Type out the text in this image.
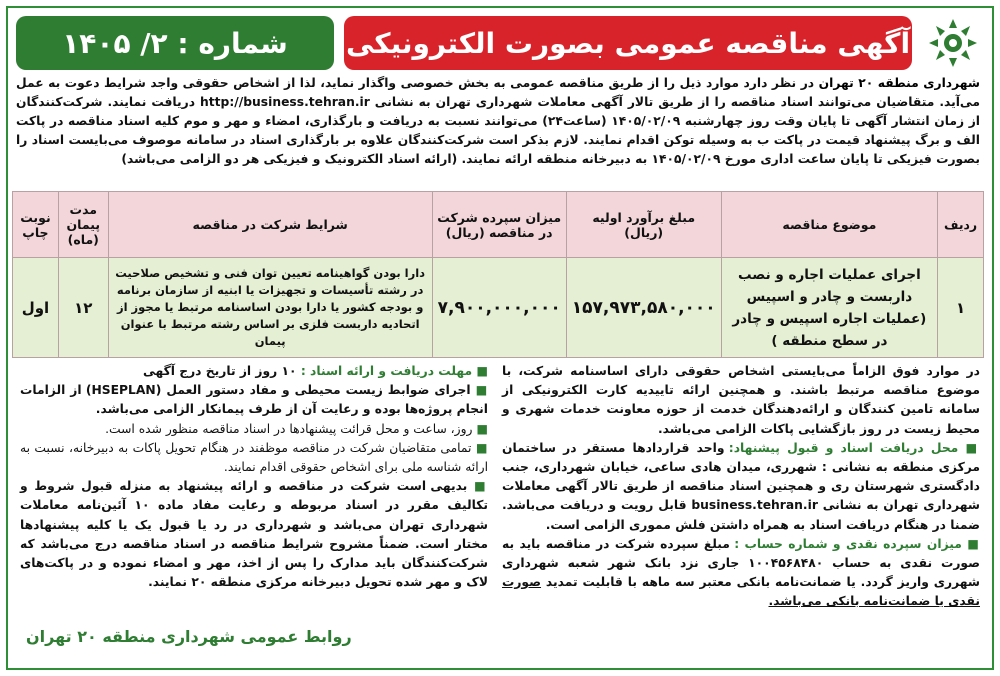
آگهی مناقصه عمومی بصورت الکترونیکی
شماره : ۲/ ۱۴۰۵
شهرداری منطقه ۲۰ تهران در نظر دارد موارد ذیل را از طریق مناقصه عمومی به بخش خصوصی واگذار نماید، لذا از اشخاص حقوقی واجد شرایط دعوت به عمل می‌آید. متقاضیان می‌توانند اسناد مناقصه را از طریق تالار آگهی معاملات شهرداری تهران به نشانی http://business.tehran.ir دریافت نمایند. شرکت‌کنندگان از زمان انتشار آگهی تا پایان وقت روز چهارشنبه ۱۴۰۵/۰۲/۰۹ (ساعت۲۴) می‌توانند نسبت به دریافت و بارگذاری، امضاء و مهر و موم کلیه اسناد مناقصه در پاکت الف و برگ پیشنهاد قیمت در پاکت ب به وسیله توکن اقدام نمایند. لازم بذکر است شرکت‌کنندگان علاوه بر بارگذاری اسناد در سامانه موصوف می‌بایست اسناد را بصورت فیزیکی تا پایان ساعت اداری مورخ ۱۴۰۵/۰۲/۰۹ به دبیرخانه منطقه ارائه نمایند. (ارائه اسناد الکترونیک و فیزیکی هر دو الزامی می‌باشد)
ردیف	موضوع مناقصه	مبلغ برآورد اولیه (ریال)	میزان سپرده شرکت در مناقصه (ریال)	شرایط شرکت در مناقصه	مدت پیمان (ماه)	نوبت چاپ
۱	اجرای عملیات اجاره و نصب داربست و چادر و اسپیس (عملیات اجاره اسپیس و چادر در سطح منطقه )	۱۵۷,۹۷۳,۵۸۰,۰۰۰	۷,۹۰۰,۰۰۰,۰۰۰	دارا بودن گواهینامه تعیین توان فنی و تشخیص صلاحیت در رشته تأسیسات و تجهیزات یا ابنیه از سازمان برنامه و بودجه کشور یا دارا بودن اساسنامه مرتبط یا مجوز از اتحادیه داربست فلزی بر اساس رشته مرتبط با عنوان پیمان	۱۲	اول

در موارد فوق الزاماً می‌بایستی اشخاص حقوقی دارای اساسنامه شرکت، با موضوع مناقصه مرتبط باشند. و همچنین ارائه تاییدیه کارت الکترونیکی از سامانه تامین کنندگان و ارائه‌دهندگان خدمت از حوزه معاونت خدمات شهری و محیط زیست در روز بازگشایی پاکات الزامی می‌باشد.

■ محل دریافت اسناد و قبول پیشنهاد: واحد قراردادها مستقر در ساختمان مرکزی منطقه به نشانی : شهرری، میدان هادی ساعی، خیابان شهرداری، جنب دادگستری شهرستان ری و همچنین اسناد مناقصه از طریق تالار آگهی معاملات شهرداری تهران به نشانی business.tehran.ir قابل رویت و دریافت می‌باشد. ضمنا در هنگام دریافت اسناد به همراه داشتن فلش مموری الزامی است.

■ میزان سپرده نقدی و شماره حساب : مبلغ سپرده شرکت در مناقصه باید به صورت نقدی به حساب ۱۰۰۴۵۶۸۴۸۰ جاری نزد بانک شهر شعبه شهرداری شهرری واریز گردد. یا ضمانت‌نامه بانکی معتبر سه ماهه با قابلیت تمدید صورت نقدی یا ضمانت‌نامه بانکی می‌باشد.

■ مهلت دریافت و ارائه اسناد : ۱۰ روز از تاریخ درج آگهی

■ اجرای ضوابط زیست محیطی و مفاد دستور العمل (HSEPLAN) از الزامات انجام پروژه‌ها بوده و رعایت آن از طرف پیمانکار الزامی می‌باشد.

■ روز، ساعت و محل قرائت پیشنهادها در اسناد مناقصه منظور شده است.

■ تمامی متقاضیان شرکت در مناقصه موظفند در هنگام تحویل پاکات به دبیرخانه، نسبت به ارائه شناسه ملی برای اشخاص حقوقی اقدام نمایند.

■ بدیهی است شرکت در مناقصه و ارائه پیشنهاد به منزله قبول شروط و تکالیف مقرر در اسناد مربوطه و رعایت مفاد ماده ۱۰ آئین‌نامه معاملات شهرداری تهران می‌باشد و شهرداری در رد یا قبول یک یا کلیه پیشنهادها مختار است. ضمناً مشروح شرایط مناقصه در اسناد مناقصه درج می‌باشد که شرکت‌کنندگان باید مدارک را پس از اخذ، مهر و امضاء نموده و در پاکت‌های لاک و مهر شده تحویل دبیرخانه مرکزی منطقه ۲۰ نمایند.

روابط عمومی شهرداری منطقه ۲۰ تهران
